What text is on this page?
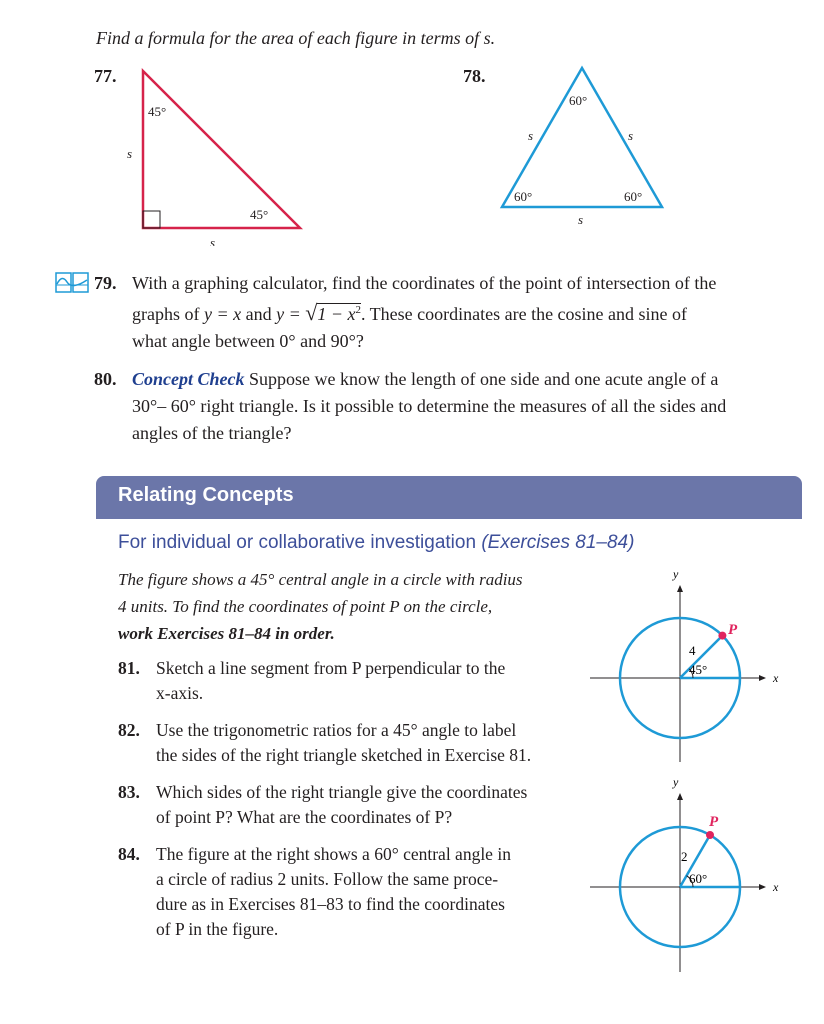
Find a formula for the area of each figure in terms of s.
77.
45°
45°
s
s
78.
60°
60°	60°
s	s
s
79. With a graphing calculator, find the coordinates of the point of intersection of the
graphs of y = x and $y = √1 - x^2$. These coordinates are the cosine and sine of
what angle between 0° and 90°?
80. Concept Check Suppose we know the length of one side and one acute angle of a
30°– 60° right triangle. Is it possible to determine the measures of all the sides and
angles of the triangle?
Relating Concepts
For individual or collaborative investigation (Exercises 81–84)
The figure shows a 45° central angle in a circle with radius
4 units. To find the coordinates of point P on the circle,
work Exercises 81–84 in order.
81. Sketch a line segment from P perpendicular to the
x-axis.
82. Use the trigonometric ratios for a 45° angle to label
the sides of the right triangle sketched in Exercise 81.
83. Which sides of the right triangle give the coordinates
of point P? What are the coordinates of P?
84. The figure at the right shows a 60° central angle in
a circle of radius 2 units. Follow the same proce-
dure as in Exercises 81–83 to find the coordinates
of P in the figure.
P
4
45°
y
x
P
2
60°
y
x
